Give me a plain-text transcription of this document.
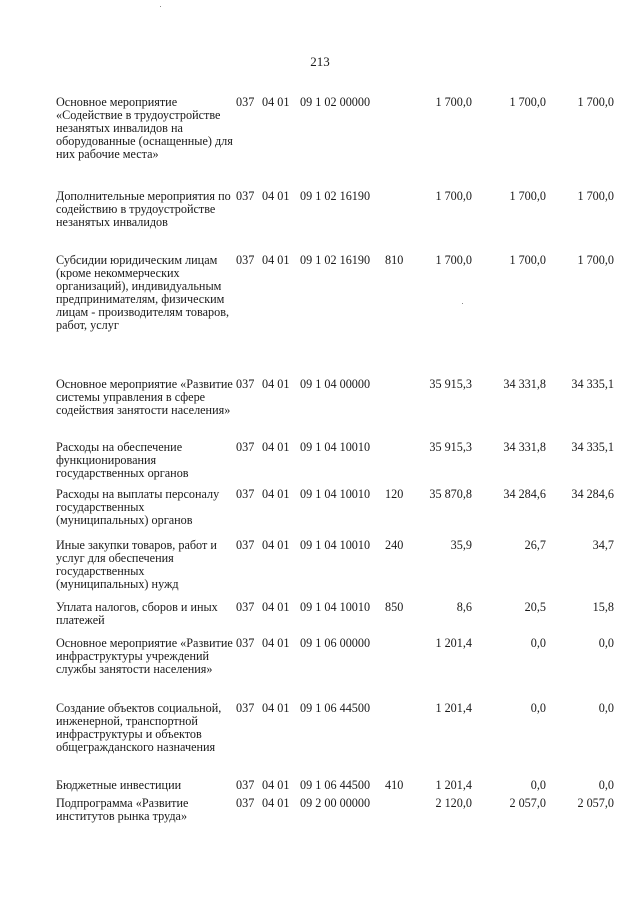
213
Основное мероприятие «Содействие в трудоустройстве незанятых инвалидов на оборудованные (оснащенные) для них рабочие места»
037 04 01 09 1 02 00000	1 700,0	1 700,0	1 700,0
Дополнительные мероприятия по содействию в трудоустройстве незанятых инвалидов
037 04 01 09 1 02 16190	1 700,0	1 700,0	1 700,0
Субсидии юридическим лицам (кроме некоммерческих организаций), индивидуальным предпринимателям, физическим лицам - производителям товаров, работ, услуг
037 04 01 09 1 02 16190 810	1 700,0	1 700,0	1 700,0
Основное мероприятие «Развитие системы управления в сфере содействия занятости населения»
037 04 01 09 1 04 00000	35 915,3	34 331,8	34 335,1
Расходы на обеспечение функционирования государственных органов
037 04 01 09 1 04 10010	35 915,3	34 331,8	34 335,1
Расходы на выплаты персоналу государственных (муниципальных) органов
037 04 01 09 1 04 10010 120	35 870,8	34 284,6	34 284,6
Иные закупки товаров, работ и услуг для обеспечения государственных (муниципальных) нужд
037 04 01 09 1 04 10010 240	35,9	26,7	34,7
Уплата налогов, сборов и иных платежей
037 04 01 09 1 04 10010 850	8,6	20,5	15,8
Основное мероприятие «Развитие инфраструктуры учреждений службы занятости населения»
037 04 01 09 1 06 00000	1 201,4	0,0	0,0
Создание объектов социальной, инженерной, транспортной инфраструктуры и объектов общегражданского назначения
037 04 01 09 1 06 44500	1 201,4	0,0	0,0
Бюджетные инвестиции	037 04 01 09 1 06 44500 410	1 201,4	0,0	0,0
Подпрограмма «Развитие институтов рынка труда»
037 04 01 09 2 00 00000	2 120,0	2 057,0	2 057,0
